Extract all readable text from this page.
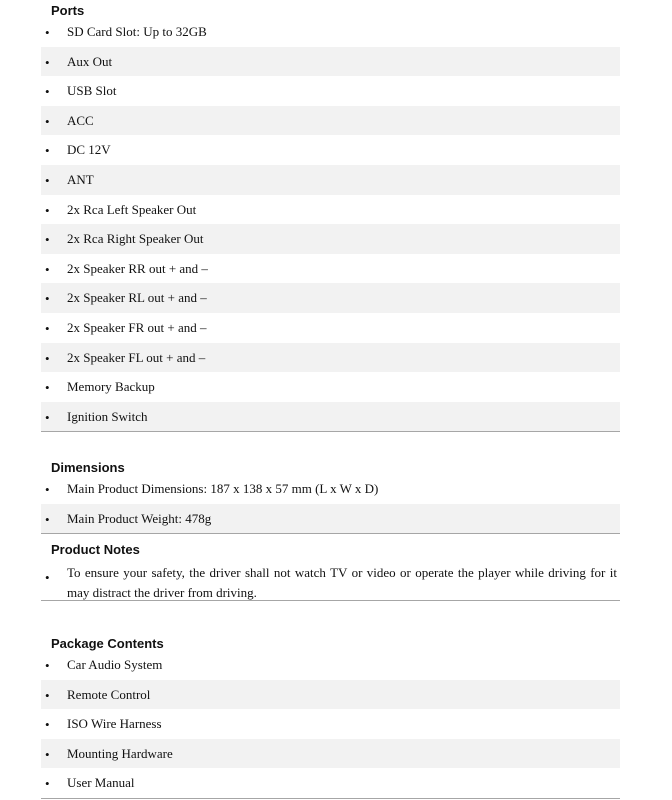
Ports
• SD Card Slot: Up to 32GB
• Aux Out
• USB Slot
• ACC
• DC 12V
• ANT
• 2x Rca Left Speaker Out
• 2x Rca Right Speaker Out
• 2x Speaker RR out + and –
• 2x Speaker RL out + and –
• 2x Speaker FR out + and –
• 2x Speaker FL out + and –
• Memory Backup
• Ignition Switch
Dimensions
• Main Product Dimensions: 187 x 138 x 57 mm (L x W x D)
• Main Product Weight: 478g
Product Notes
• To ensure your safety, the driver shall not watch TV or video or operate the player while driving for it may distract the driver from driving.
Package Contents
• Car Audio System
• Remote Control
• ISO Wire Harness
• Mounting Hardware
• User Manual
